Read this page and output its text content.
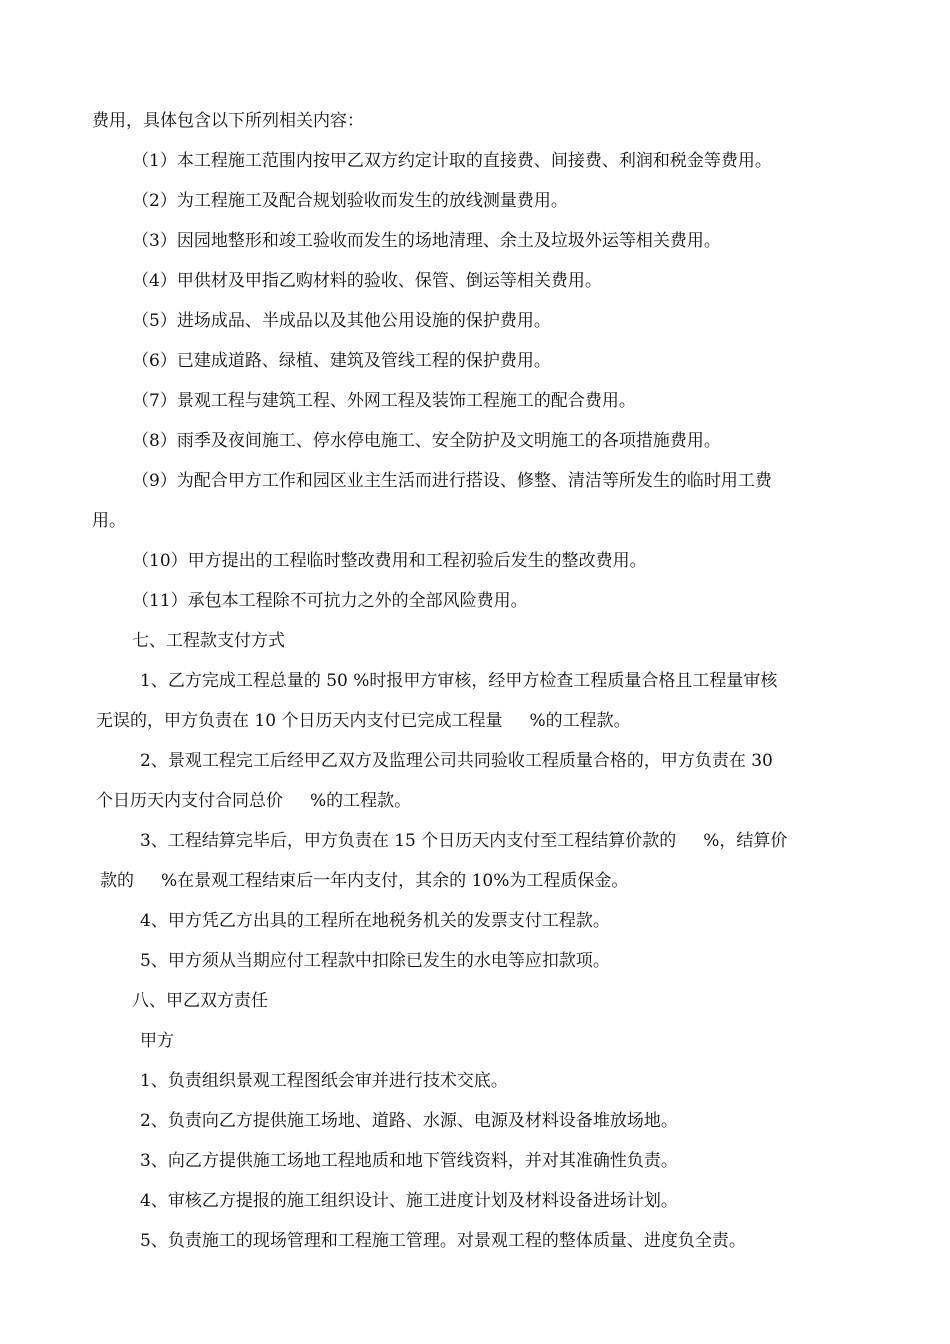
费用，具体包含以下所列相关内容：
（1）本工程施工范围内按甲乙双方约定计取的直接费、间接费、利润和税金等费用。
（2）为工程施工及配合规划验收而发生的放线测量费用。
（3）因园地整形和竣工验收而发生的场地清理、余土及垃圾外运等相关费用。
（4）甲供材及甲指乙购材料的验收、保管、倒运等相关费用。
（5）进场成品、半成品以及其他公用设施的保护费用。
（6）已建成道路、绿植、建筑及管线工程的保护费用。
（7）景观工程与建筑工程、外网工程及装饰工程施工的配合费用。
（8）雨季及夜间施工、停水停电施工、安全防护及文明施工的各项措施费用。
（9）为配合甲方工作和园区业主生活而进行搭设、修整、清洁等所发生的临时用工费
用。
（10）甲方提出的工程临时整改费用和工程初验后发生的整改费用。
（11）承包本工程除不可抗力之外的全部风险费用。
七、工程款支付方式
1、乙方完成工程总量的 50 %时报甲方审核，经甲方检查工程质量合格且工程量审核
无误的，甲方负责在 10 个日历天内支付已完成工程量     %的工程款。
2、景观工程完工后经甲乙双方及监理公司共同验收工程质量合格的，甲方负责在 30
个日历天内支付合同总价     %的工程款。
3、工程结算完毕后，甲方负责在 15 个日历天内支付至工程结算价款的     %，结算价
款的     %在景观工程结束后一年内支付，其余的 10%为工程质保金。
4、甲方凭乙方出具的工程所在地税务机关的发票支付工程款。
5、甲方须从当期应付工程款中扣除已发生的水电等应扣款项。
八、甲乙双方责任
甲方
1、负责组织景观工程图纸会审并进行技术交底。
2、负责向乙方提供施工场地、道路、水源、电源及材料设备堆放场地。
3、向乙方提供施工场地工程地质和地下管线资料，并对其准确性负责。
4、审核乙方提报的施工组织设计、施工进度计划及材料设备进场计划。
5、负责施工的现场管理和工程施工管理。对景观工程的整体质量、进度负全责。
